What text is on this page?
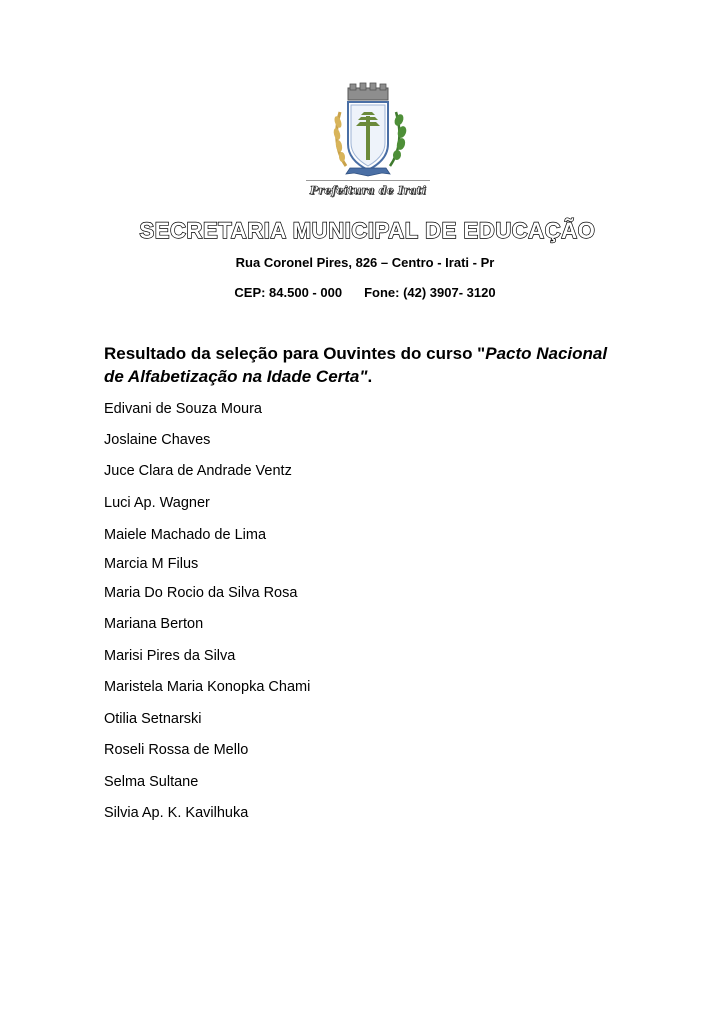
Prefeitura de Irati
SECRETARIA MUNICIPAL DE EDUCAÇÃO
Rua Coronel Pires, 826 – Centro - Irati - Pr
CEP: 84.500 - 000 Fone: (42) 3907- 3120
Resultado da seleção para Ouvintes do curso "Pacto Nacional de Alfabetização na Idade Certa".
Edivani de Souza Moura
Joslaine Chaves
Juce Clara de Andrade Ventz
Luci Ap. Wagner
Maiele Machado de Lima
Marcia M Filus
Maria Do Rocio da Silva Rosa
Mariana Berton
Marisi Pires da Silva
Maristela Maria Konopka Chami
Otilia Setnarski
Roseli Rossa de Mello
Selma Sultane
Silvia Ap. K. Kavilhuka
